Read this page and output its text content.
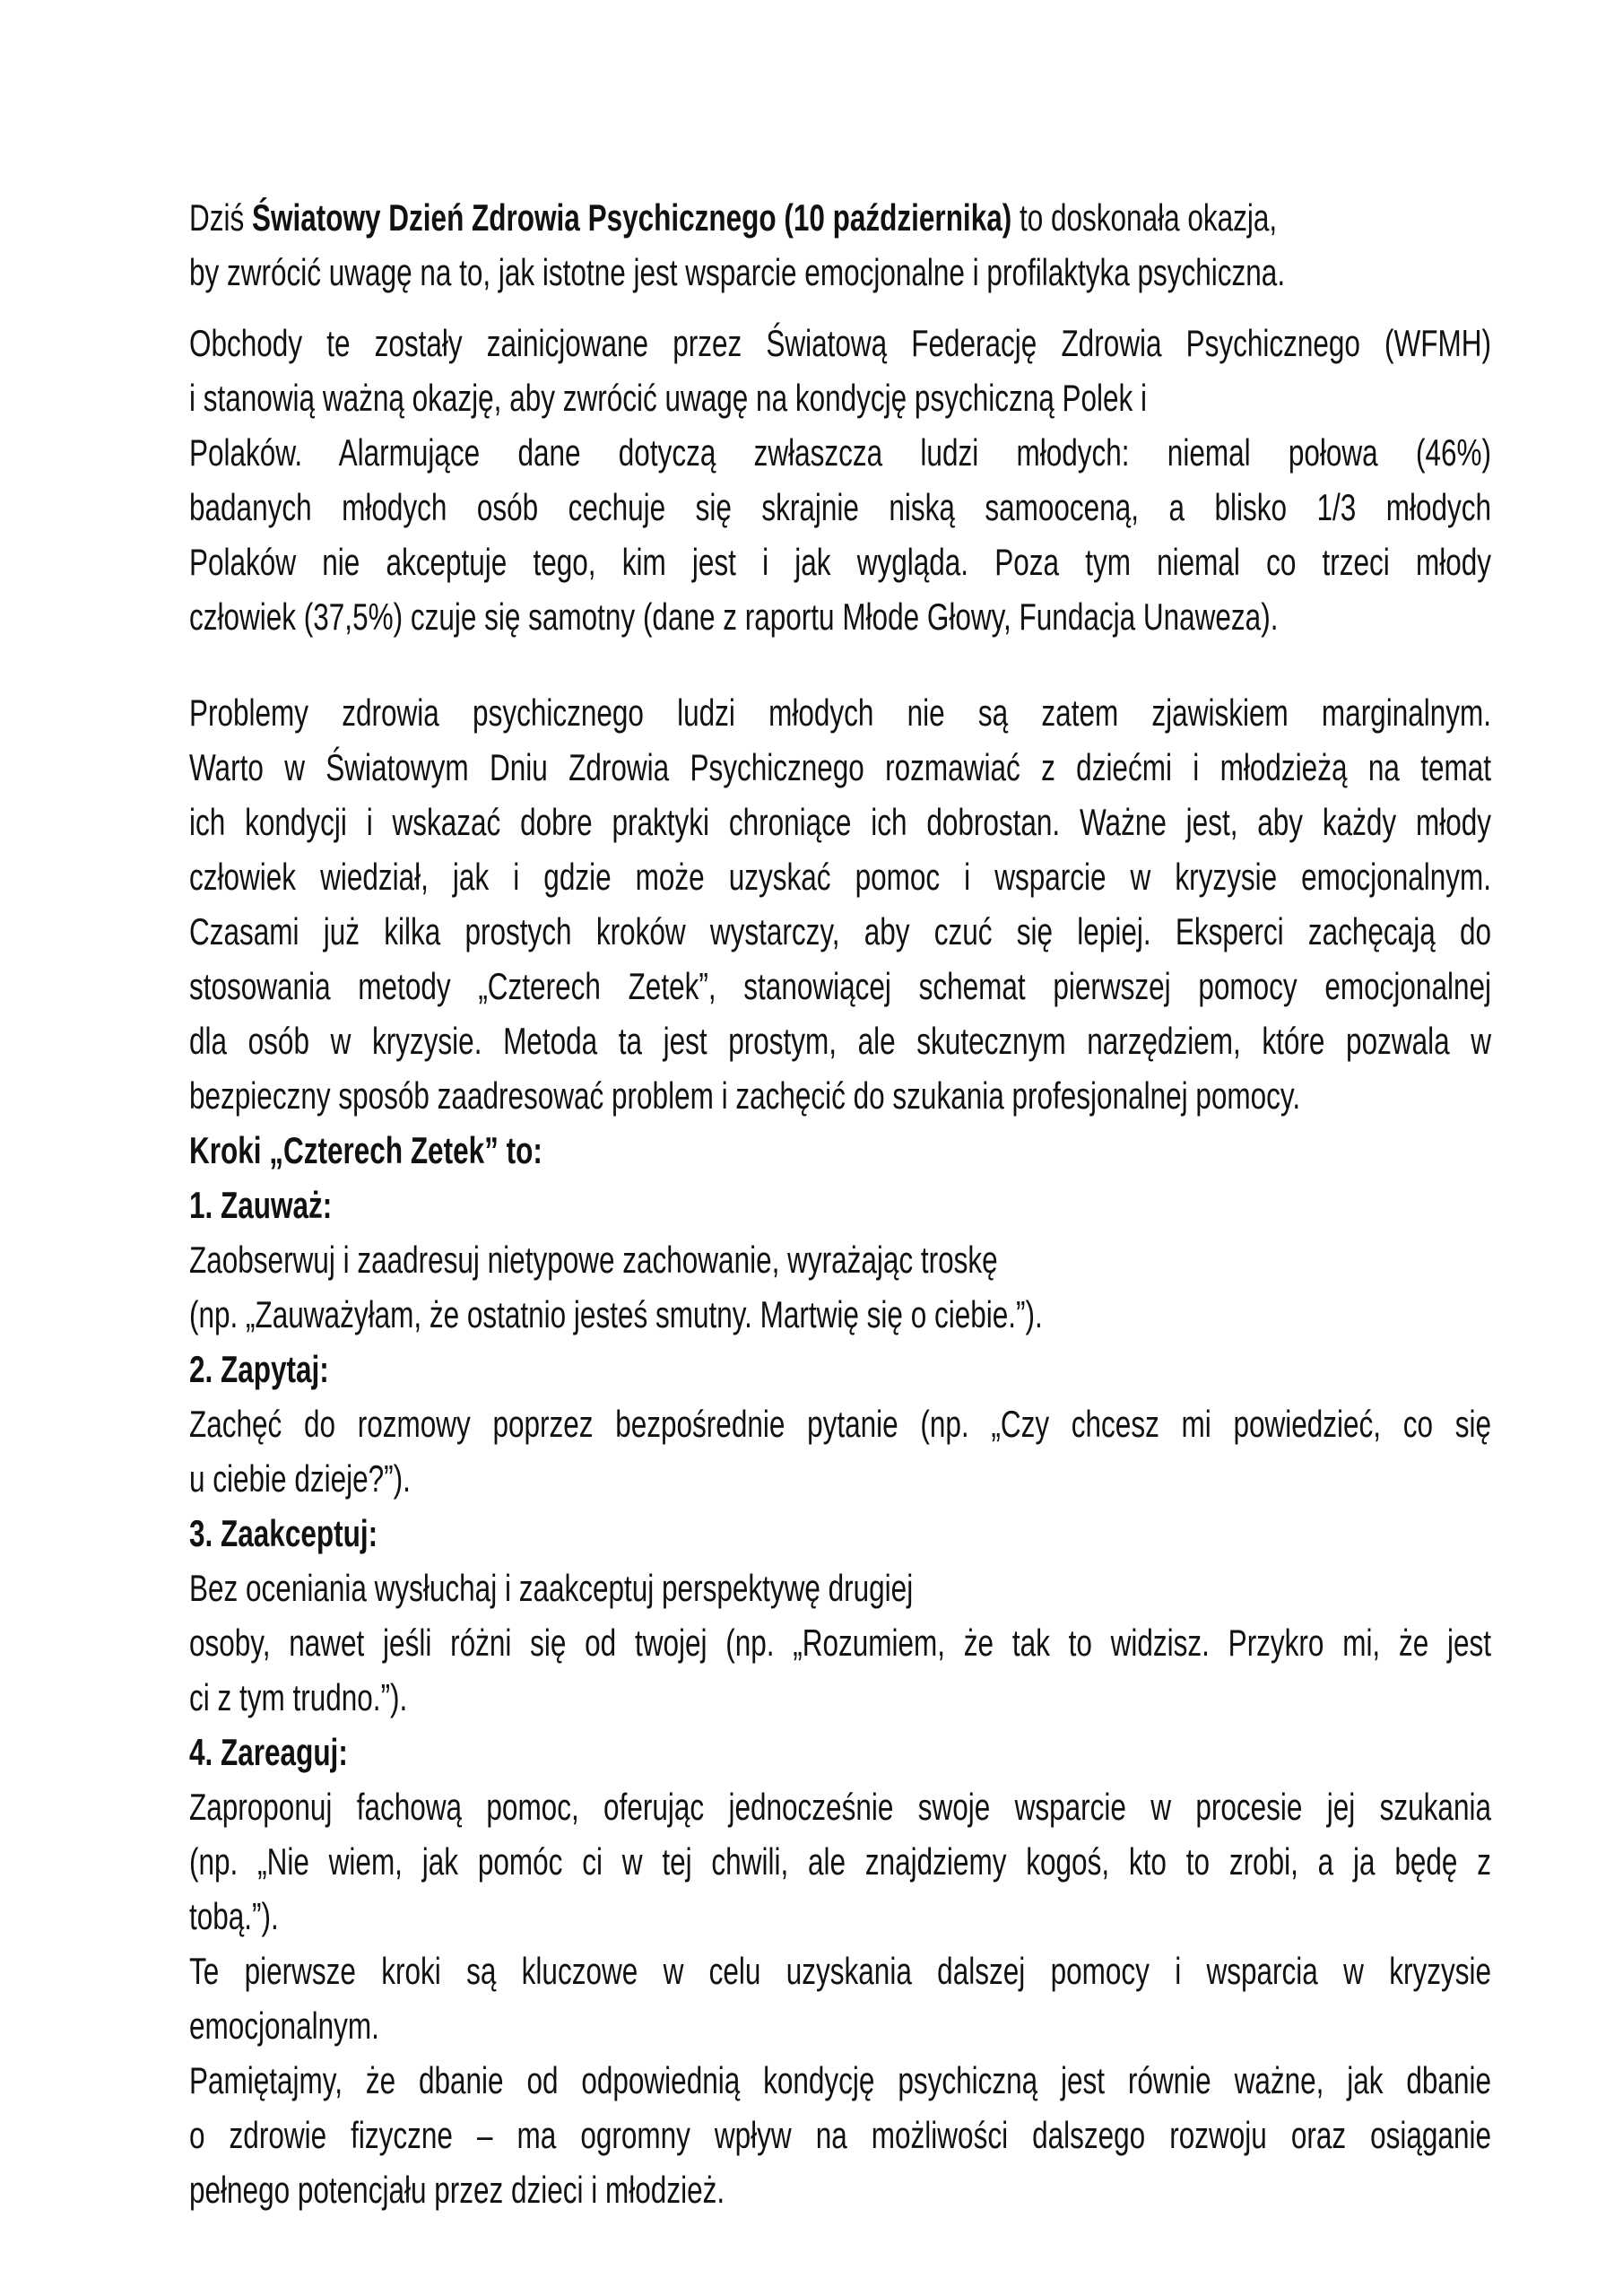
Dziś Światowy Dzień Zdrowia Psychicznego (10 października) to doskonała okazja,
by zwrócić uwagę na to, jak istotne jest wsparcie emocjonalne i profilaktyka psychiczna.
Obchody te zostały zainicjowane przez Światową Federację Zdrowia Psychicznego (WFMH)
i stanowią ważną okazję, aby zwrócić uwagę na kondycję psychiczną Polek i
Polaków. Alarmujące dane dotyczą zwłaszcza ludzi młodych: niemal połowa (46%)
badanych młodych osób cechuje się skrajnie niską samooceną, a blisko 1/3 młodych
Polaków nie akceptuje tego, kim jest i jak wygląda. Poza tym niemal co trzeci młody
człowiek (37,5%) czuje się samotny (dane z raportu Młode Głowy, Fundacja Unaweza).
Problemy zdrowia psychicznego ludzi młodych nie są zatem zjawiskiem marginalnym.
Warto w Światowym Dniu Zdrowia Psychicznego rozmawiać z dziećmi i młodzieżą na temat
ich kondycji i wskazać dobre praktyki chroniące ich dobrostan. Ważne jest, aby każdy młody
człowiek wiedział, jak i gdzie może uzyskać pomoc i wsparcie w kryzysie emocjonalnym.
Czasami już kilka prostych kroków wystarczy, aby czuć się lepiej. Eksperci zachęcają do
stosowania metody „Czterech Zetek”, stanowiącej schemat pierwszej pomocy emocjonalnej
dla osób w kryzysie. Metoda ta jest prostym, ale skutecznym narzędziem, które pozwala w
bezpieczny sposób zaadresować problem i zachęcić do szukania profesjonalnej pomocy.
Kroki „Czterech Zetek” to:
1. Zauważ:
Zaobserwuj i zaadresuj nietypowe zachowanie, wyrażając troskę
(np. „Zauważyłam, że ostatnio jesteś smutny. Martwię się o ciebie.”).
2. Zapytaj:
Zachęć do rozmowy poprzez bezpośrednie pytanie (np. „Czy chcesz mi powiedzieć, co się
u ciebie dzieje?”).
3. Zaakceptuj:
Bez oceniania wysłuchaj i zaakceptuj perspektywę drugiej
osoby, nawet jeśli różni się od twojej (np. „Rozumiem, że tak to widzisz. Przykro mi, że jest
ci z tym trudno.”).
4. Zareaguj:
Zaproponuj fachową pomoc, oferując jednocześnie swoje wsparcie w procesie jej szukania
(np. „Nie wiem, jak pomóc ci w tej chwili, ale znajdziemy kogoś, kto to zrobi, a ja będę z
tobą.”).
Te pierwsze kroki są kluczowe w celu uzyskania dalszej pomocy i wsparcia w kryzysie
emocjonalnym.
Pamiętajmy, że dbanie od odpowiednią kondycję psychiczną jest równie ważne, jak dbanie
o zdrowie fizyczne – ma ogromny wpływ na możliwości dalszego rozwoju oraz osiąganie
pełnego potencjału przez dzieci i młodzież.
